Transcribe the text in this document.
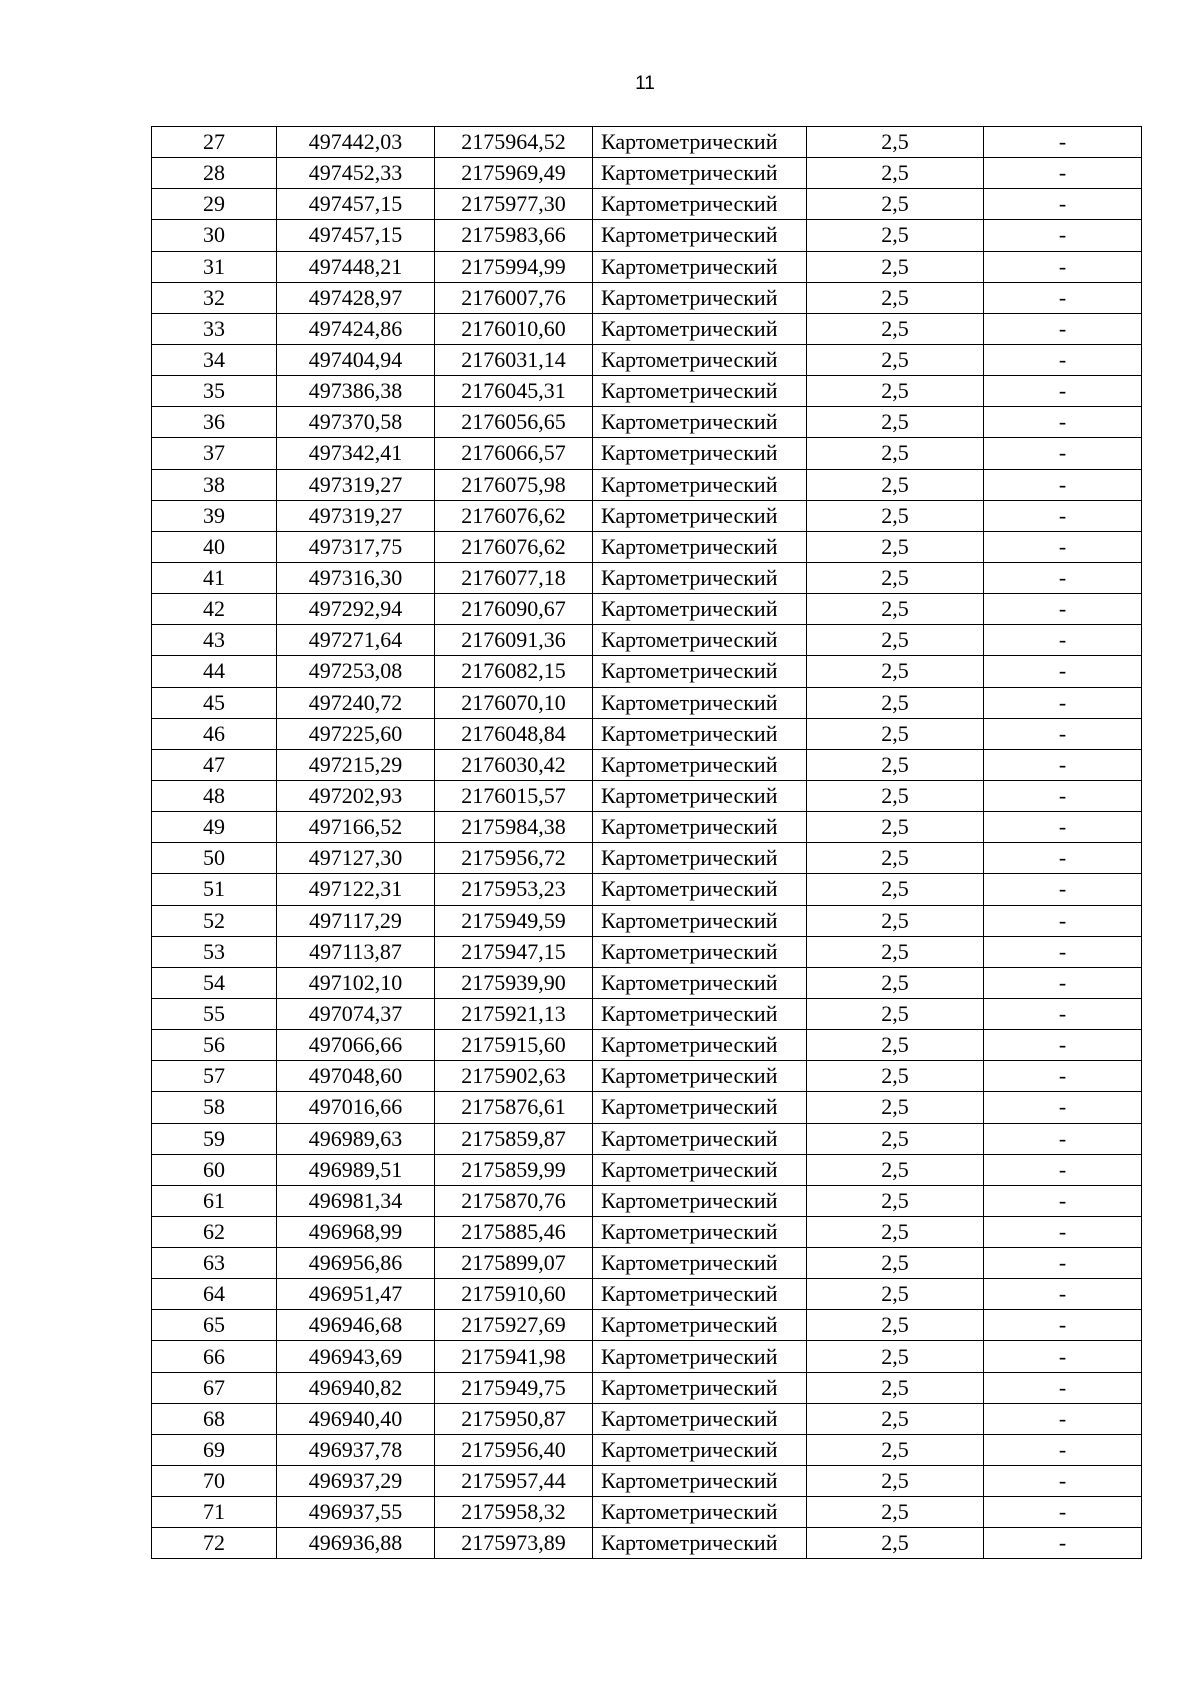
11
27	497442,03	2175964,52	Картометрический	2,5	-
28	497452,33	2175969,49	Картометрический	2,5	-
29	497457,15	2175977,30	Картометрический	2,5	-
30	497457,15	2175983,66	Картометрический	2,5	-
31	497448,21	2175994,99	Картометрический	2,5	-
32	497428,97	2176007,76	Картометрический	2,5	-
33	497424,86	2176010,60	Картометрический	2,5	-
34	497404,94	2176031,14	Картометрический	2,5	-
35	497386,38	2176045,31	Картометрический	2,5	-
36	497370,58	2176056,65	Картометрический	2,5	-
37	497342,41	2176066,57	Картометрический	2,5	-
38	497319,27	2176075,98	Картометрический	2,5	-
39	497319,27	2176076,62	Картометрический	2,5	-
40	497317,75	2176076,62	Картометрический	2,5	-
41	497316,30	2176077,18	Картометрический	2,5	-
42	497292,94	2176090,67	Картометрический	2,5	-
43	497271,64	2176091,36	Картометрический	2,5	-
44	497253,08	2176082,15	Картометрический	2,5	-
45	497240,72	2176070,10	Картометрический	2,5	-
46	497225,60	2176048,84	Картометрический	2,5	-
47	497215,29	2176030,42	Картометрический	2,5	-
48	497202,93	2176015,57	Картометрический	2,5	-
49	497166,52	2175984,38	Картометрический	2,5	-
50	497127,30	2175956,72	Картометрический	2,5	-
51	497122,31	2175953,23	Картометрический	2,5	-
52	497117,29	2175949,59	Картометрический	2,5	-
53	497113,87	2175947,15	Картометрический	2,5	-
54	497102,10	2175939,90	Картометрический	2,5	-
55	497074,37	2175921,13	Картометрический	2,5	-
56	497066,66	2175915,60	Картометрический	2,5	-
57	497048,60	2175902,63	Картометрический	2,5	-
58	497016,66	2175876,61	Картометрический	2,5	-
59	496989,63	2175859,87	Картометрический	2,5	-
60	496989,51	2175859,99	Картометрический	2,5	-
61	496981,34	2175870,76	Картометрический	2,5	-
62	496968,99	2175885,46	Картометрический	2,5	-
63	496956,86	2175899,07	Картометрический	2,5	-
64	496951,47	2175910,60	Картометрический	2,5	-
65	496946,68	2175927,69	Картометрический	2,5	-
66	496943,69	2175941,98	Картометрический	2,5	-
67	496940,82	2175949,75	Картометрический	2,5	-
68	496940,40	2175950,87	Картометрический	2,5	-
69	496937,78	2175956,40	Картометрический	2,5	-
70	496937,29	2175957,44	Картометрический	2,5	-
71	496937,55	2175958,32	Картометрический	2,5	-
72	496936,88	2175973,89	Картометрический	2,5	-
